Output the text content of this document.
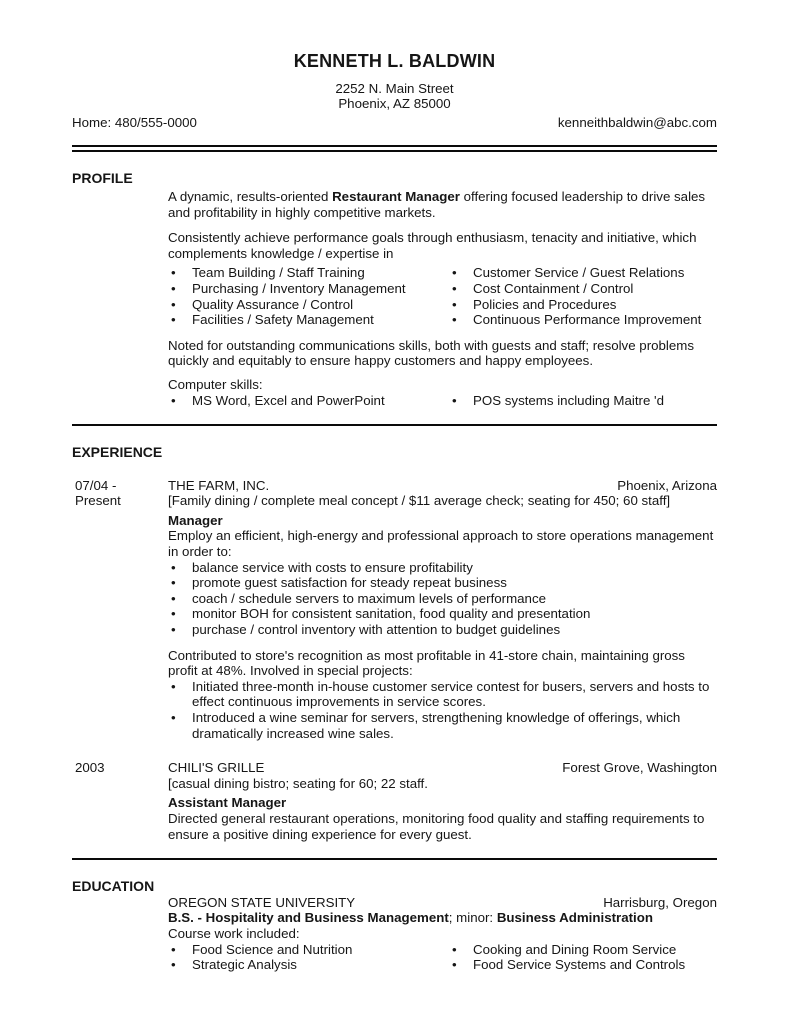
KENNETH L. BALDWIN
2252 N. Main Street
Phoenix, AZ 85000
Home: 480/555-0000	kenneithbaldwin@abc.com
PROFILE

A dynamic, results-oriented Restaurant Manager offering focused leadership to drive sales and profitability in highly competitive markets.

Consistently achieve performance goals through enthusiasm, tenacity and initiative, which complements knowledge / expertise in

• Team Building / Staff Training
• Purchasing / Inventory Management
• Quality Assurance / Control
• Facilities / Safety Management
• Customer Service / Guest Relations
• Cost Containment / Control
• Policies and Procedures
• Continuous Performance Improvement

Noted for outstanding communications skills, both with guests and staff; resolve problems quickly and equitably to ensure happy customers and happy employees.

Computer skills:

• MS Word, Excel and PowerPoint	• POS systems including Maitre 'd
EXPERIENCE
07/04 -
Present
THE FARM, INC.	Phoenix, Arizona
[Family dining / complete meal concept / $11 average check; seating for 450; 60 staff]
Manager

Employ an efficient, high-energy and professional approach to store operations management in order to:

• balance service with costs to ensure profitability
• promote guest satisfaction for steady repeat business
• coach / schedule servers to maximum levels of performance
• monitor BOH for consistent sanitation, food quality and presentation
• purchase / control inventory with attention to budget guidelines

Contributed to store's recognition as most profitable in 41-store chain, maintaining gross profit at 48%. Involved in special projects:

• Initiated three-month in-house customer service contest for busers, servers and hosts to effect continuous improvements in service scores.
• Introduced a wine seminar for servers, strengthening knowledge of offerings, which dramatically increased wine sales.
2003	CHILI'S GRILLE	Forest Grove, Washington
[casual dining bistro; seating for 60; 22 staff.
Assistant Manager

Directed general restaurant operations, monitoring food quality and staffing requirements to ensure a positive dining experience for every guest.

EDUCATION
OREGON STATE UNIVERSITY	Harrisburg, Oregon
B.S. - Hospitality and Business Management; minor: Business Administration
Course work included:
• Food Science and Nutrition
• Strategic Analysis
• Cooking and Dining Room Service
• Food Service Systems and Controls
